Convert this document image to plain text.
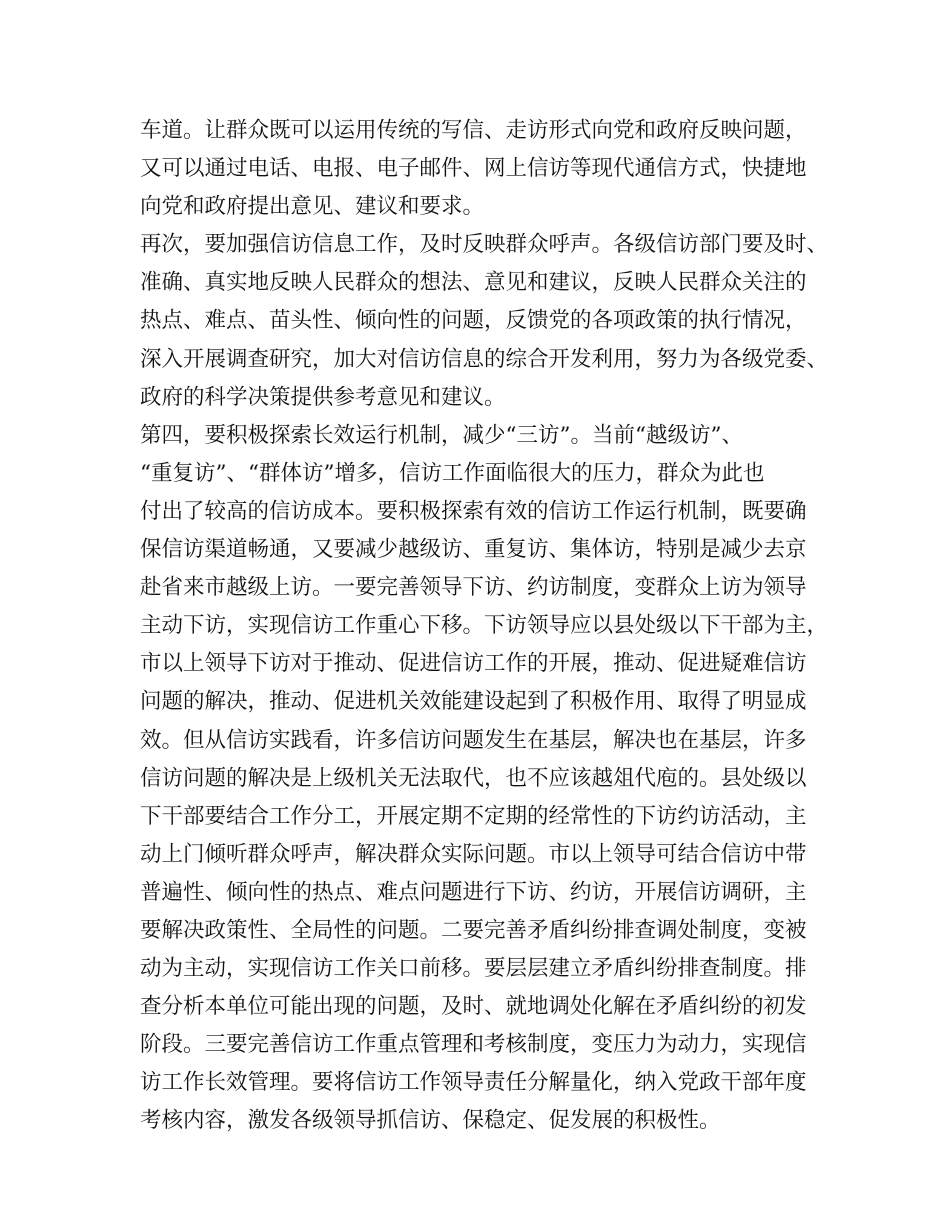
车道。让群众既可以运用传统的写信、走访形式向党和政府反映问题，
又可以通过电话、电报、电子邮件、网上信访等现代通信方式，快捷地
向党和政府提出意见、建议和要求。
再次，要加强信访信息工作，及时反映群众呼声。各级信访部门要及时、
准确、真实地反映人民群众的想法、意见和建议，反映人民群众关注的
热点、难点、苗头性、倾向性的问题，反馈党的各项政策的执行情况，
深入开展调查研究，加大对信访信息的综合开发利用，努力为各级党委、
政府的科学决策提供参考意见和建议。
第四，要积极探索长效运行机制，减少“三访”。当前“越级访”、
“重复访”、“群体访”增多，信访工作面临很大的压力，群众为此也
付出了较高的信访成本。要积极探索有效的信访工作运行机制，既要确
保信访渠道畅通，又要减少越级访、重复访、集体访，特别是减少去京
赴省来市越级上访。一要完善领导下访、约访制度，变群众上访为领导
主动下访，实现信访工作重心下移。下访领导应以县处级以下干部为主，
市以上领导下访对于推动、促进信访工作的开展，推动、促进疑难信访
问题的解决，推动、促进机关效能建设起到了积极作用、取得了明显成
效。但从信访实践看，许多信访问题发生在基层，解决也在基层，许多
信访问题的解决是上级机关无法取代，也不应该越俎代庖的。县处级以
下干部要结合工作分工，开展定期不定期的经常性的下访约访活动，主
动上门倾听群众呼声，解决群众实际问题。市以上领导可结合信访中带
普遍性、倾向性的热点、难点问题进行下访、约访，开展信访调研，主
要解决政策性、全局性的问题。二要完善矛盾纠纷排查调处制度，变被
动为主动，实现信访工作关口前移。要层层建立矛盾纠纷排查制度。排
查分析本单位可能出现的问题，及时、就地调处化解在矛盾纠纷的初发
阶段。三要完善信访工作重点管理和考核制度，变压力为动力，实现信
访工作长效管理。要将信访工作领导责任分解量化，纳入党政干部年度
考核内容，激发各级领导抓信访、保稳定、促发展的积极性。
